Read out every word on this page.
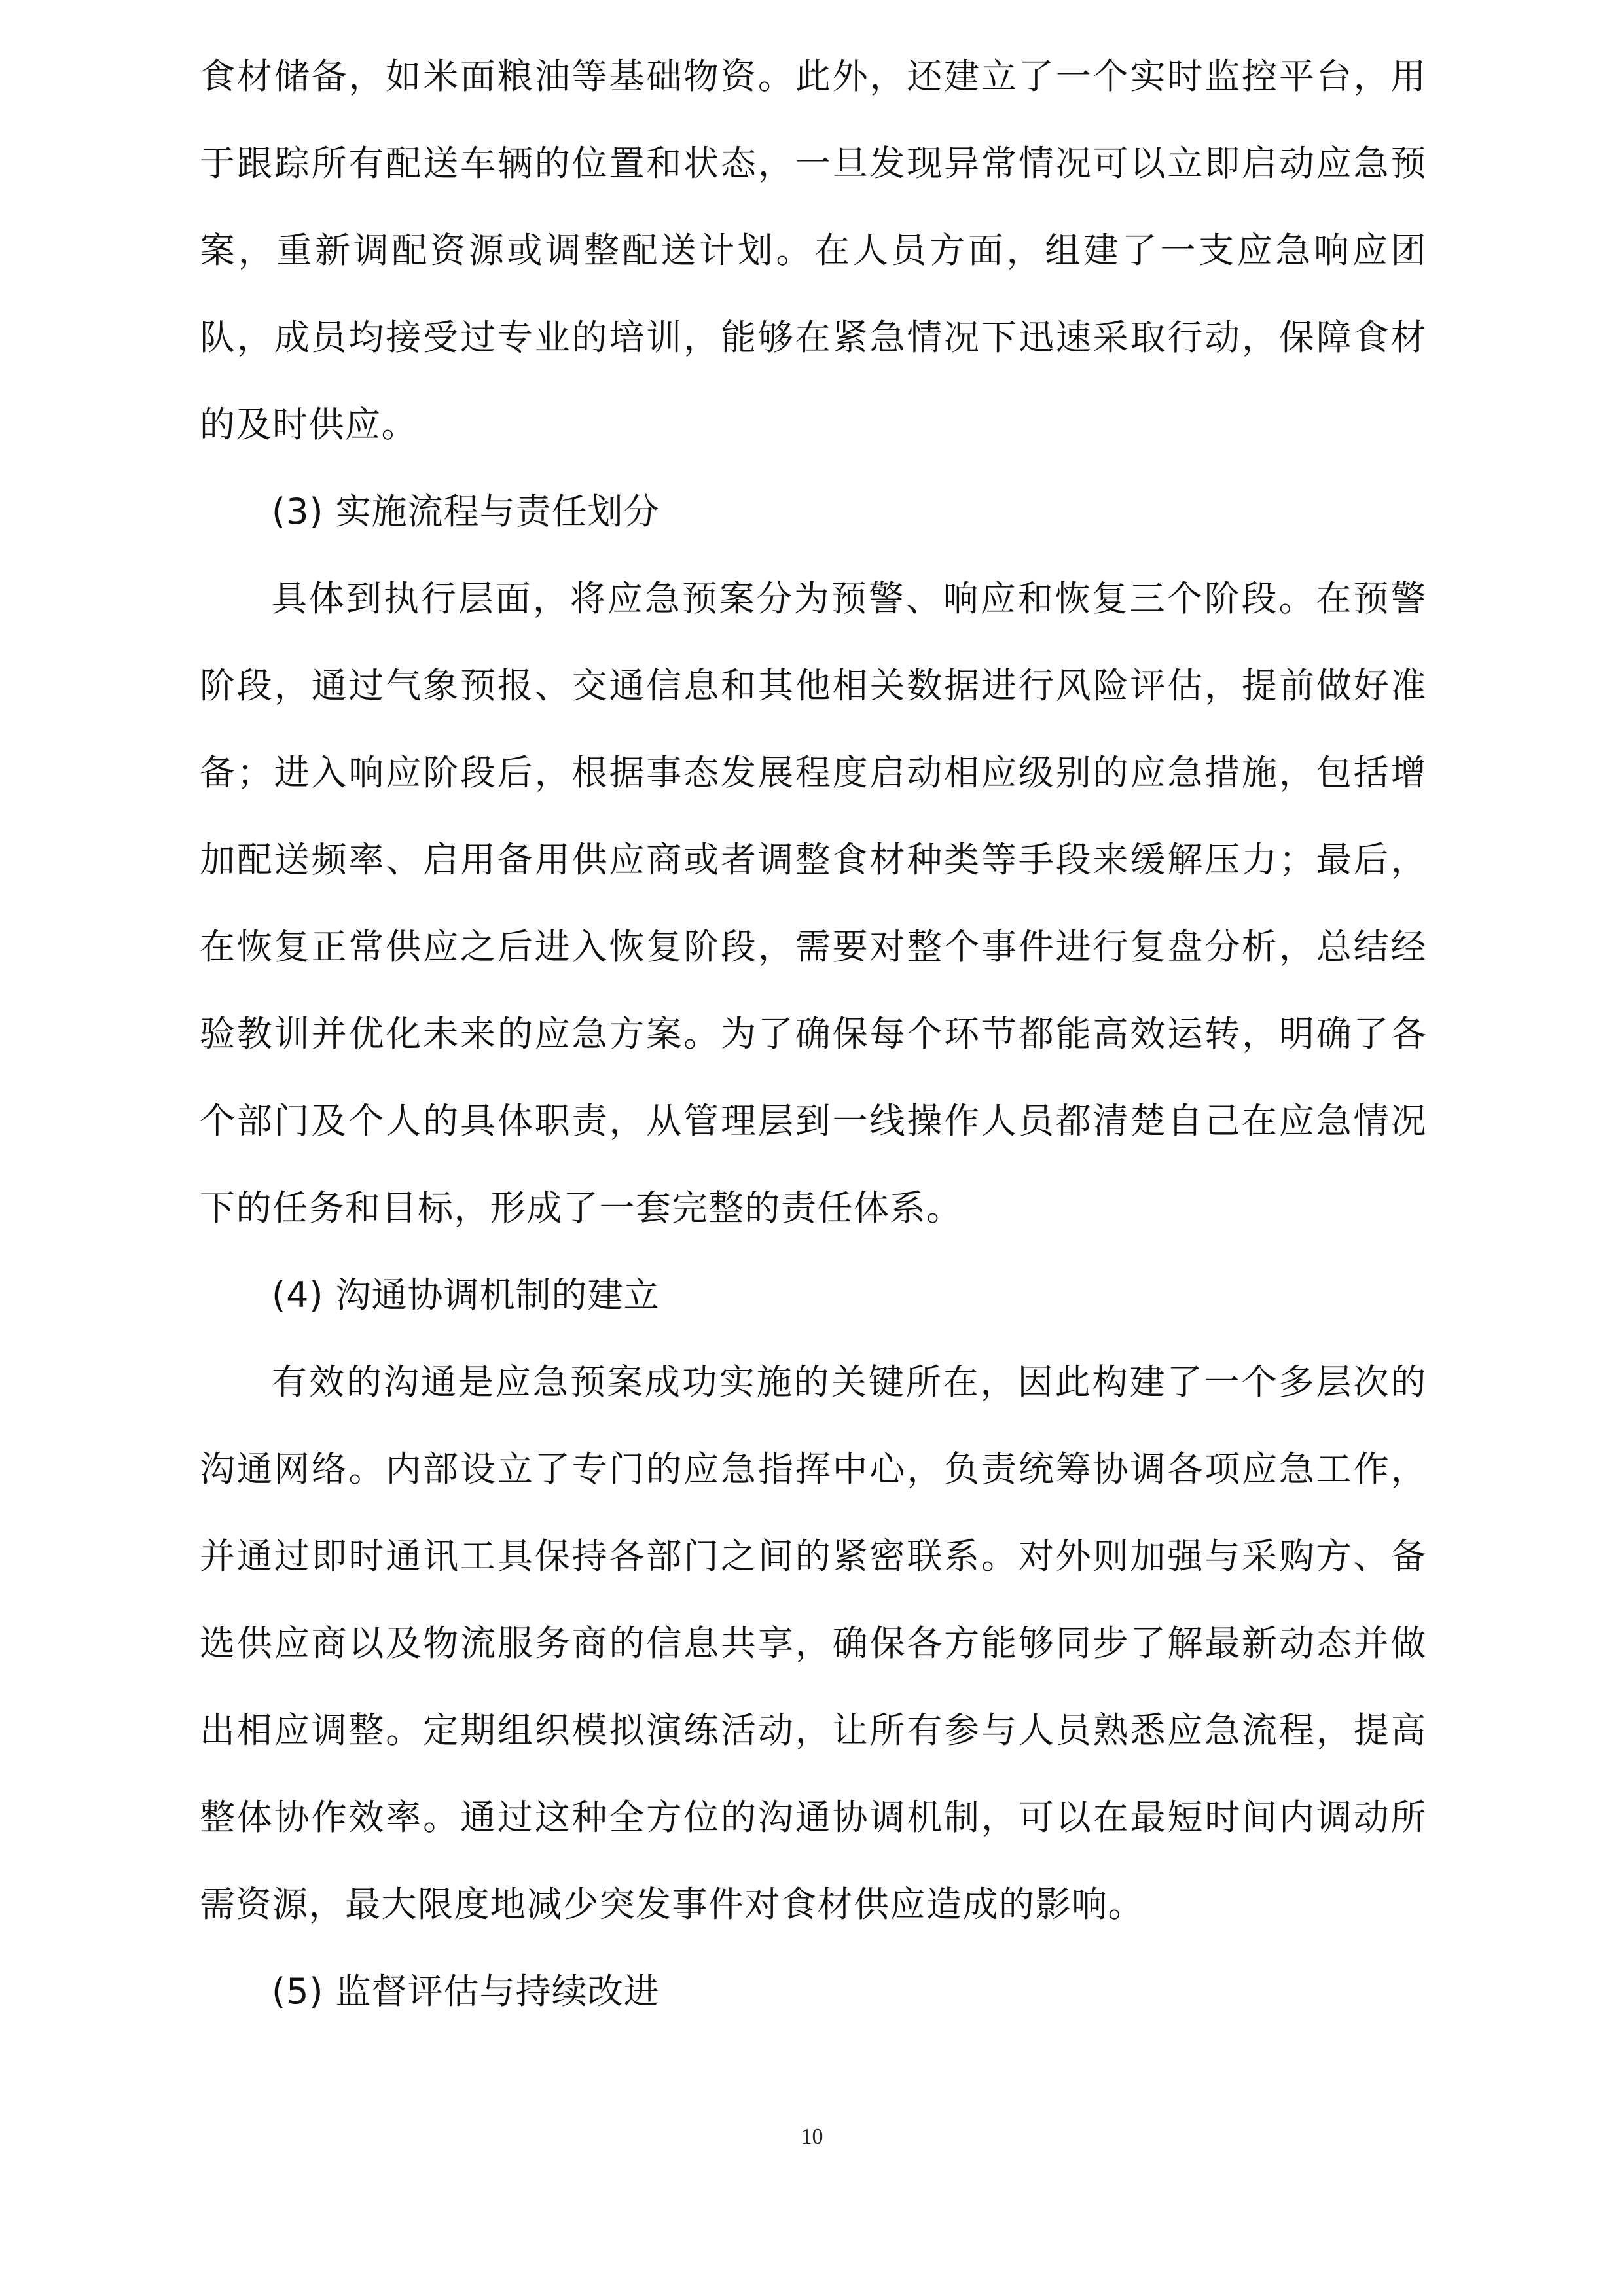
食材储备，如米面粮油等基础物资。此外，还建立了一个实时监控平台，用于跟踪所有配送车辆的位置和状态，一旦发现异常情况可以立即启动应急预案，重新调配资源或调整配送计划。在人员方面，组建了一支应急响应团队，成员均接受过专业的培训，能够在紧急情况下迅速采取行动，保障食材的及时供应。

(3) 实施流程与责任划分

具体到执行层面，将应急预案分为预警、响应和恢复三个阶段。在预警阶段，通过气象预报、交通信息和其他相关数据进行风险评估，提前做好准备；进入响应阶段后，根据事态发展程度启动相应级别的应急措施，包括增加配送频率、启用备用供应商或者调整食材种类等手段来缓解压力；最后，在恢复正常供应之后进入恢复阶段，需要对整个事件进行复盘分析，总结经验教训并优化未来的应急方案。为了确保每个环节都能高效运转，明确了各个部门及个人的具体职责，从管理层到一线操作人员都清楚自己在应急情况下的任务和目标，形成了一套完整的责任体系。

(4) 沟通协调机制的建立

有效的沟通是应急预案成功实施的关键所在，因此构建了一个多层次的沟通网络。内部设立了专门的应急指挥中心，负责统筹协调各项应急工作，并通过即时通讯工具保持各部门之间的紧密联系。对外则加强与采购方、备选供应商以及物流服务商的信息共享，确保各方能够同步了解最新动态并做出相应调整。定期组织模拟演练活动，让所有参与人员熟悉应急流程，提高整体协作效率。通过这种全方位的沟通协调机制，可以在最短时间内调动所需资源，最大限度地减少突发事件对食材供应造成的影响。

(5) 监督评估与持续改进

10
